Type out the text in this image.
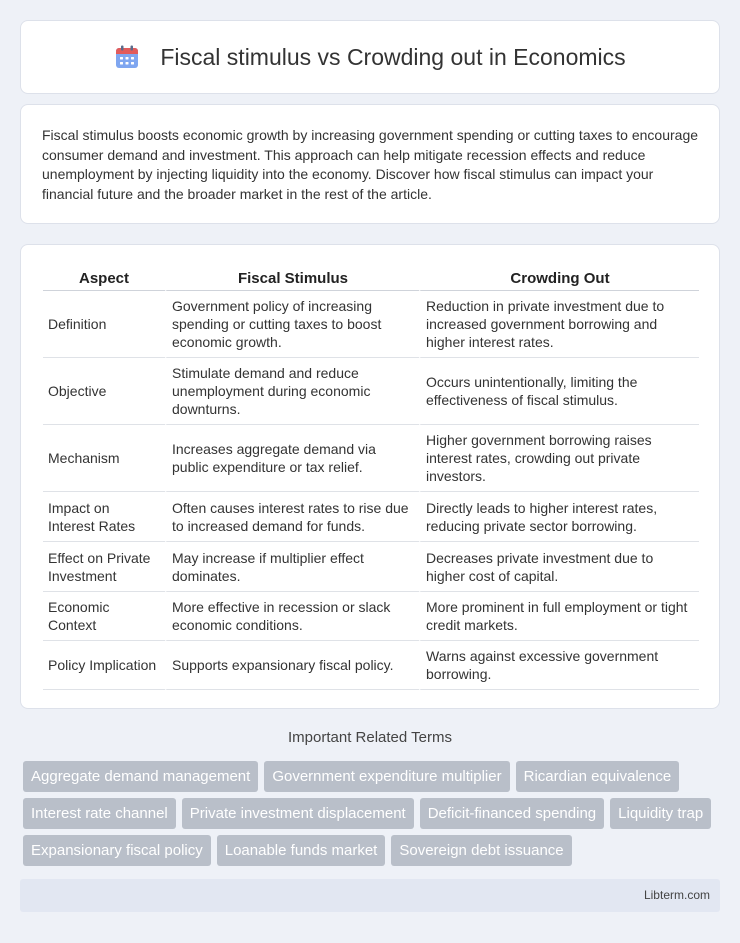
Fiscal stimulus vs Crowding out in Economics

Fiscal stimulus boosts economic growth by increasing government spending or cutting taxes to encourage consumer demand and investment. This approach can help mitigate recession effects and reduce unemployment by injecting liquidity into the economy. Discover how fiscal stimulus can impact your financial future and the broader market in the rest of the article.

Aspect	Fiscal Stimulus	Crowding Out
Definition	Government policy of increasing spending or cutting taxes to boost economic growth.	Reduction in private investment due to increased government borrowing and higher interest rates.
Objective	Stimulate demand and reduce unemployment during economic downturns.	Occurs unintentionally, limiting the effectiveness of fiscal stimulus.
Mechanism	Increases aggregate demand via public expenditure or tax relief.	Higher government borrowing raises interest rates, crowding out private investors.
Impact on Interest Rates	Often causes interest rates to rise due to increased demand for funds.	Directly leads to higher interest rates, reducing private sector borrowing.
Effect on Private Investment	May increase if multiplier effect dominates.	Decreases private investment due to higher cost of capital.
Economic Context	More effective in recession or slack economic conditions.	More prominent in full employment or tight credit markets.
Policy Implication	Supports expansionary fiscal policy.	Warns against excessive government borrowing.
Important Related Terms
Aggregate demand management	Government expenditure multiplier	Ricardian equivalence
Interest rate channel	Private investment displacement	Deficit-financed spending	Liquidity trap
Expansionary fiscal policy	Loanable funds market	Sovereign debt issuance
Libterm.com
